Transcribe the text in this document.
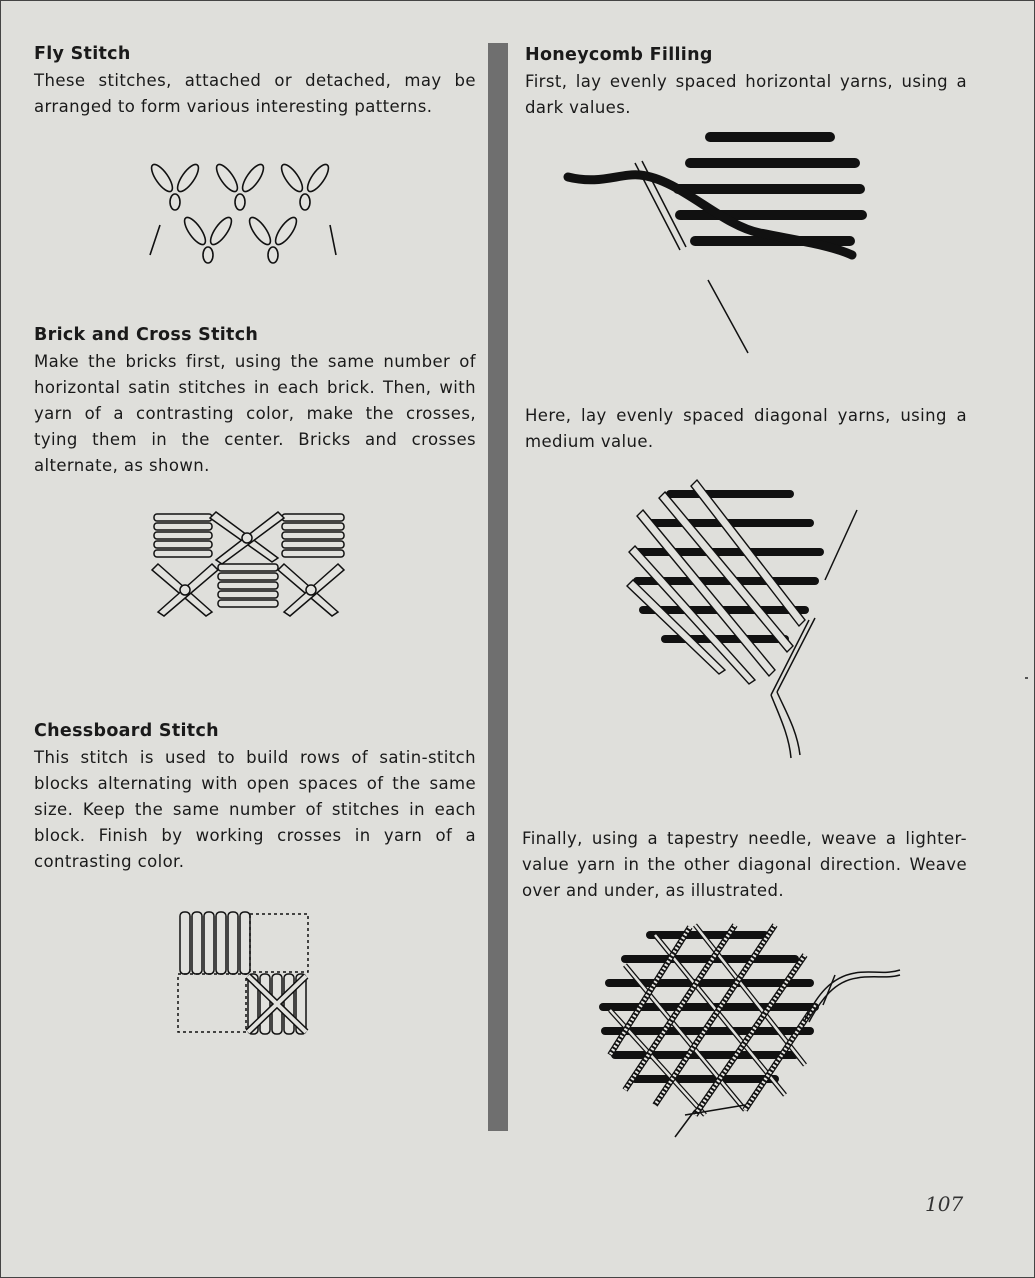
Fly Stitch

These stitches, attached or detached, may be arranged to form various interesting patterns.

Brick and Cross Stitch

Make the bricks first, using the same number of horizontal satin stitches in each brick. Then, with yarn of a contrasting color, make the crosses, tying them in the center. Bricks and crosses alternate, as shown.

Chessboard Stitch

This stitch is used to build rows of satin-stitch blocks alternating with open spaces of the same size. Keep the same number of stitches in each block. Finish by working crosses in yarn of a contrasting color.

Honeycomb Filling

First, lay evenly spaced horizontal yarns, using a dark values.

Here, lay evenly spaced diagonal yarns, using a medium value.

Finally, using a tapestry needle, weave a lighter-value yarn in the other diagonal direction. Weave over and under, as illustrated.

107
